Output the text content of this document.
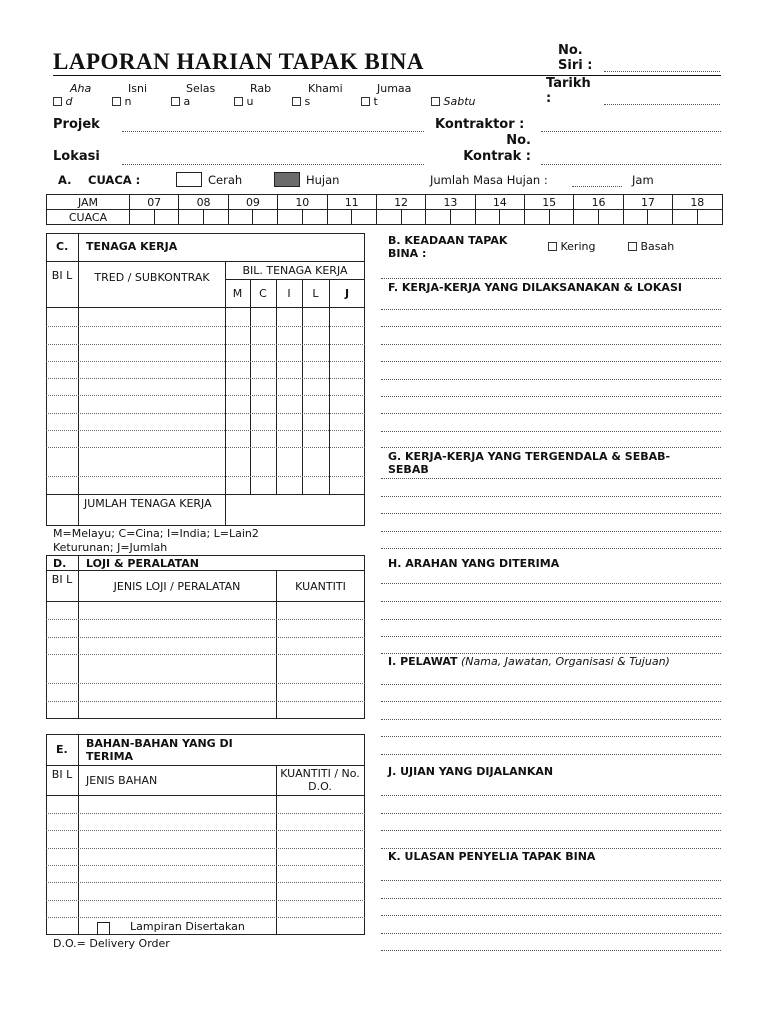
LAPORAN HARIAN TAPAK BINA	No.
Siri :
Aha
d
Isni
n
Selas
a
Rab
u
Khami
s
Jumaa
t	Sabtu
Tarikh
:
Projek
Lokasi
Kontraktor :
No.
Kontrak :
A. CUACA :	Cerah	Hujan	Jumlah Masa Hujan :	Jam
JAM	07		08		09		10		11		12		13		14		15		16		17		18	
CUACA																								
C. TENAGA KERJA
BI L TRED / SUBKONTRAK
BIL. TENAGA KERJA
M	C	I	L	J
JUMLAH TENAGA KERJA
M=Melayu; C=Cina; I=India; L=Lain2
Keturunan; J=Jumlah
D. LOJI & PERALATAN
BI L
JENIS LOJI / PERALATAN	KUANTITI
E. BAHAN-BAHAN YANG DI TERIMA
BI L JENIS BAHAN
KUANTITI / No. D.O.
Lampiran Disertakan
D.O.= Delivery Order
B. KEADAAN TAPAK BINA :
Kering	Basah
F. KERJA-KERJA YANG DILAKSANAKAN & LOKASI
G. KERJA-KERJA YANG TERGENDALA & SEBAB-SEBAB
H. ARAHAN YANG DITERIMA
I. PELAWAT (Nama, Jawatan, Organisasi & Tujuan)
J. UJIAN YANG DIJALANKAN
K. ULASAN PENYELIA TAPAK BINA
